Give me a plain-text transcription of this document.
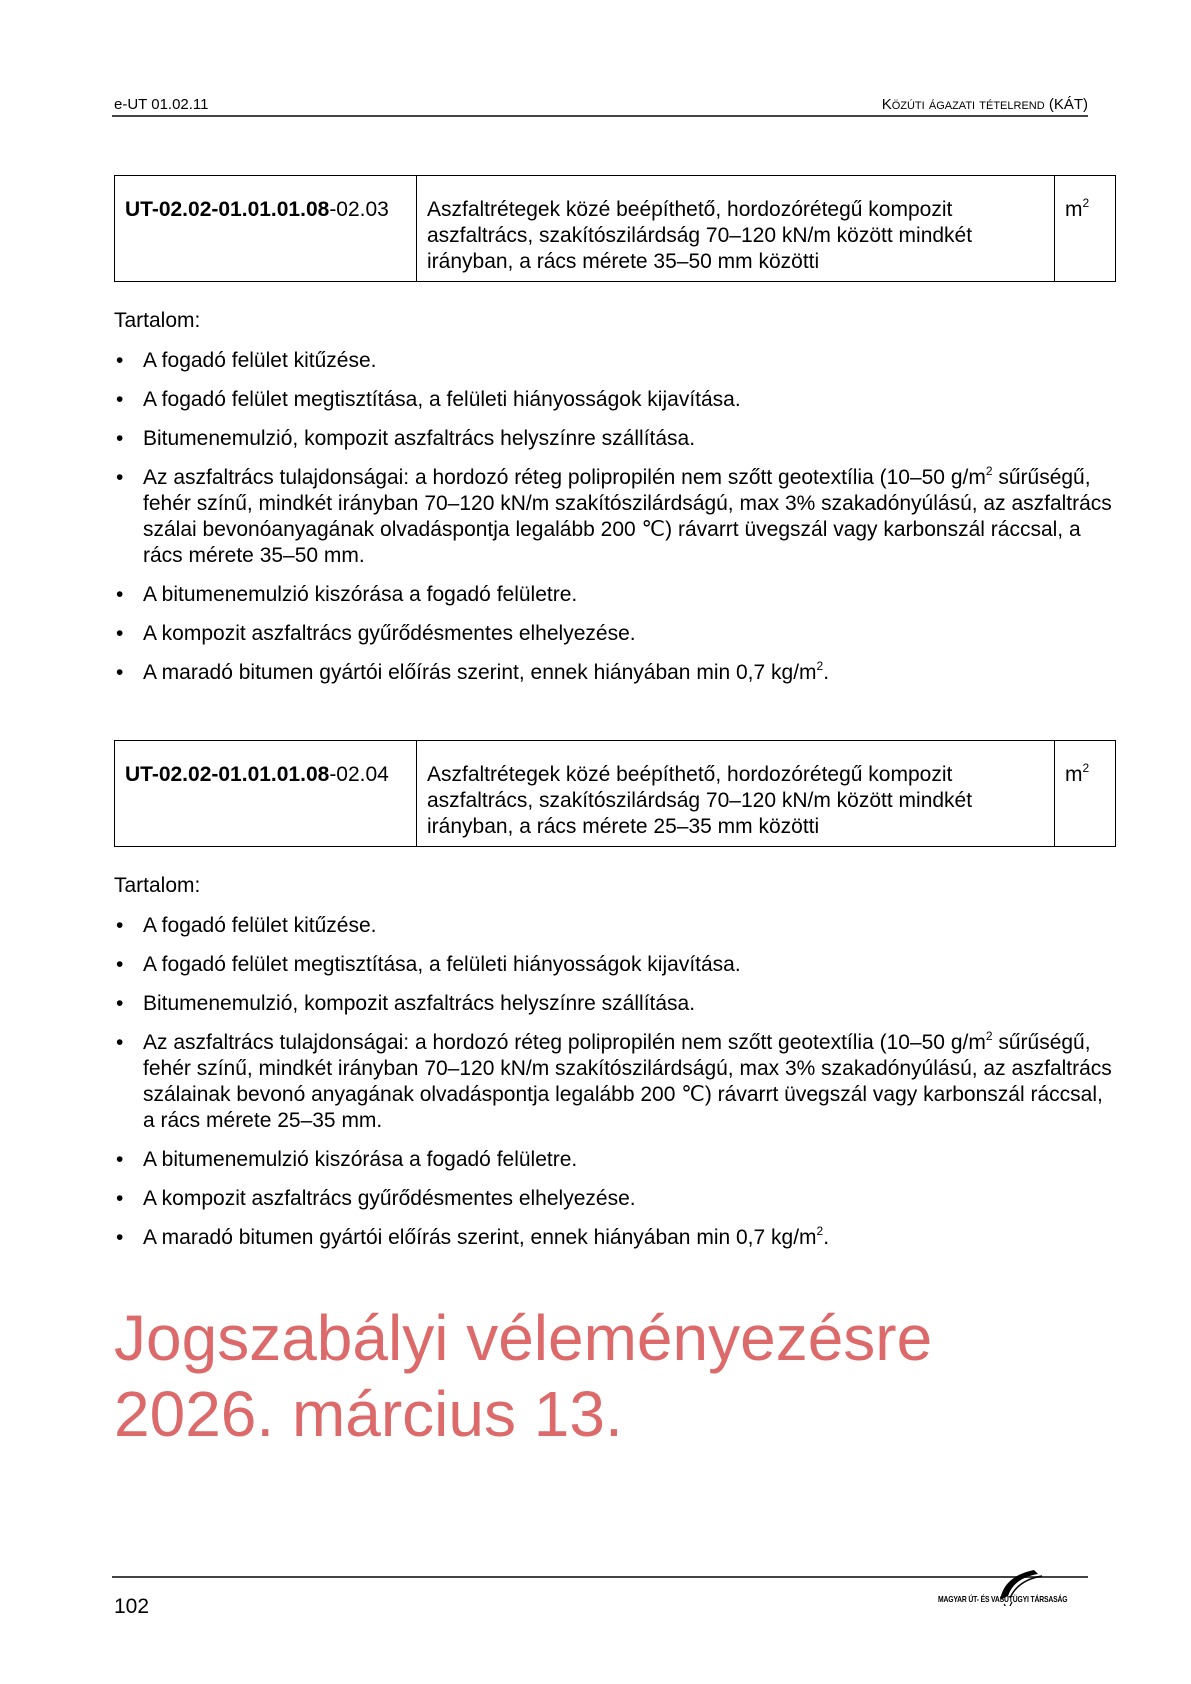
e-UT 01.02.11	Közúti ágazati tételrend (KÁT)
UT-02.02-01.01.01.08-02.03	Aszfaltrétegek közé beépíthető, hordozórétegű kompozit aszfaltrács, szakítószilárdság 70–120 kN/m között mindkét irányban, a rács mérete 35–50 mm közötti	$m^2$
Tartalom:
• A fogadó felület kitűzése.
• A fogadó felület megtisztítása, a felületi hiányosságok kijavítása.
• Bitumenemulzió, kompozit aszfaltrács helyszínre szállítása.
• Az aszfaltrács tulajdonságai: a hordozó réteg polipropilén nem szőtt geotextília (10–50 $g/m^2$ sűrűségű, fehér színű, mindkét irányban 70–120 kN/m szakítószilárdságú, max 3% szakadónyúlású, az aszfaltrács szálai bevonóanyagának olvadáspontja legalább 200 ℃) rávarrt üvegszál vagy karbonszál ráccsal, a rács mérete 35–50 mm.
• A bitumenemulzió kiszórása a fogadó felületre.
• A kompozit aszfaltrács gyűrődésmentes elhelyezése.
• A maradó bitumen gyártói előírás szerint, ennek hiányában min 0,7 $kg/m^2$.
UT-02.02-01.01.01.08-02.04	Aszfaltrétegek közé beépíthető, hordozórétegű kompozit aszfaltrács, szakítószilárdság 70–120 kN/m között mindkét irányban, a rács mérete 25–35 mm közötti	$m^2$
Tartalom:
• A fogadó felület kitűzése.
• A fogadó felület megtisztítása, a felületi hiányosságok kijavítása.
• Bitumenemulzió, kompozit aszfaltrács helyszínre szállítása.
• Az aszfaltrács tulajdonságai: a hordozó réteg polipropilén nem szőtt geotextília (10–50 $g/m^2$ sűrűségű, fehér színű, mindkét irányban 70–120 kN/m szakítószilárdságú, max 3% szakadónyúlású, az aszfaltrács szálainak bevonó anyagának olvadáspontja legalább 200 ℃) rávarrt üvegszál vagy karbonszál ráccsal, a rács mérete 25–35 mm.
• A bitumenemulzió kiszórása a fogadó felületre.
• A kompozit aszfaltrács gyűrődésmentes elhelyezése.
• A maradó bitumen gyártói előírás szerint, ennek hiányában min 0,7 $kg/m^2$.
Jogszabályi véleményezésre 2026. március 13.
102	MAGYAR ÚT- ÉS VASÚTÜGYI TÁRSASÁG
